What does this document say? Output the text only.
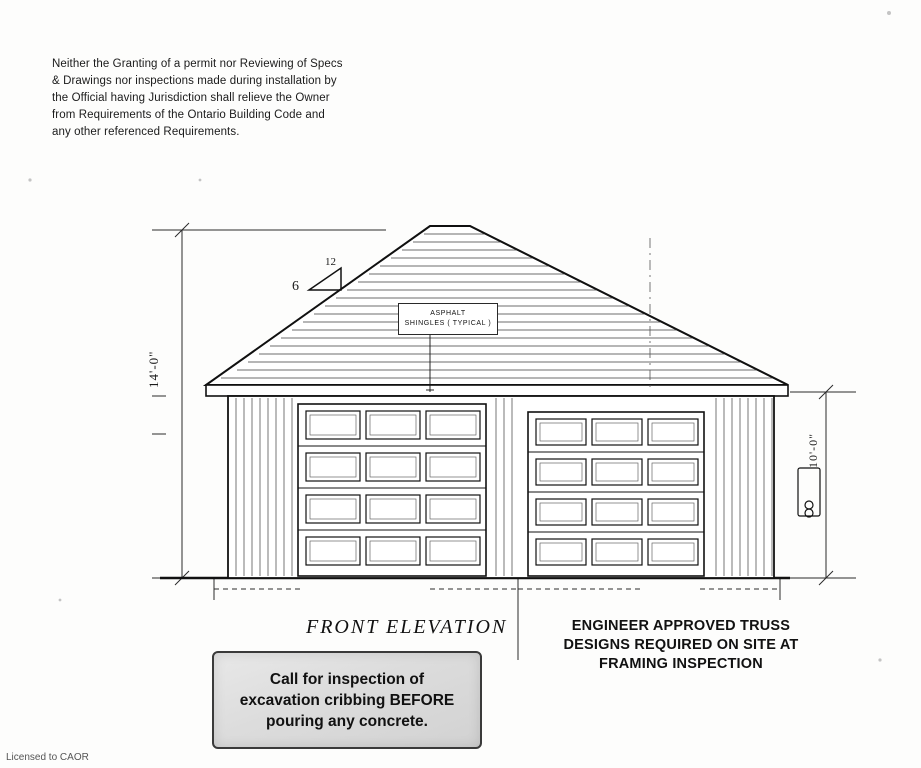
Neither the Granting of a permit nor Reviewing of Specs
& Drawings nor inspections made during installation by
the Official having Jurisdiction shall relieve the Owner
from Requirements of the Ontario Building Code and
any other referenced Requirements.
ASPHALT
SHINGLES ( TYPICAL )
12
6
14'-0"
10'-0"
FRONT ELEVATION	ENGINEER APPROVED TRUSS
DESIGNS REQUIRED ON SITE AT
FRAMING INSPECTION
Call for inspection of
excavation cribbing BEFORE
pouring any concrete.
Licensed to CAOR
